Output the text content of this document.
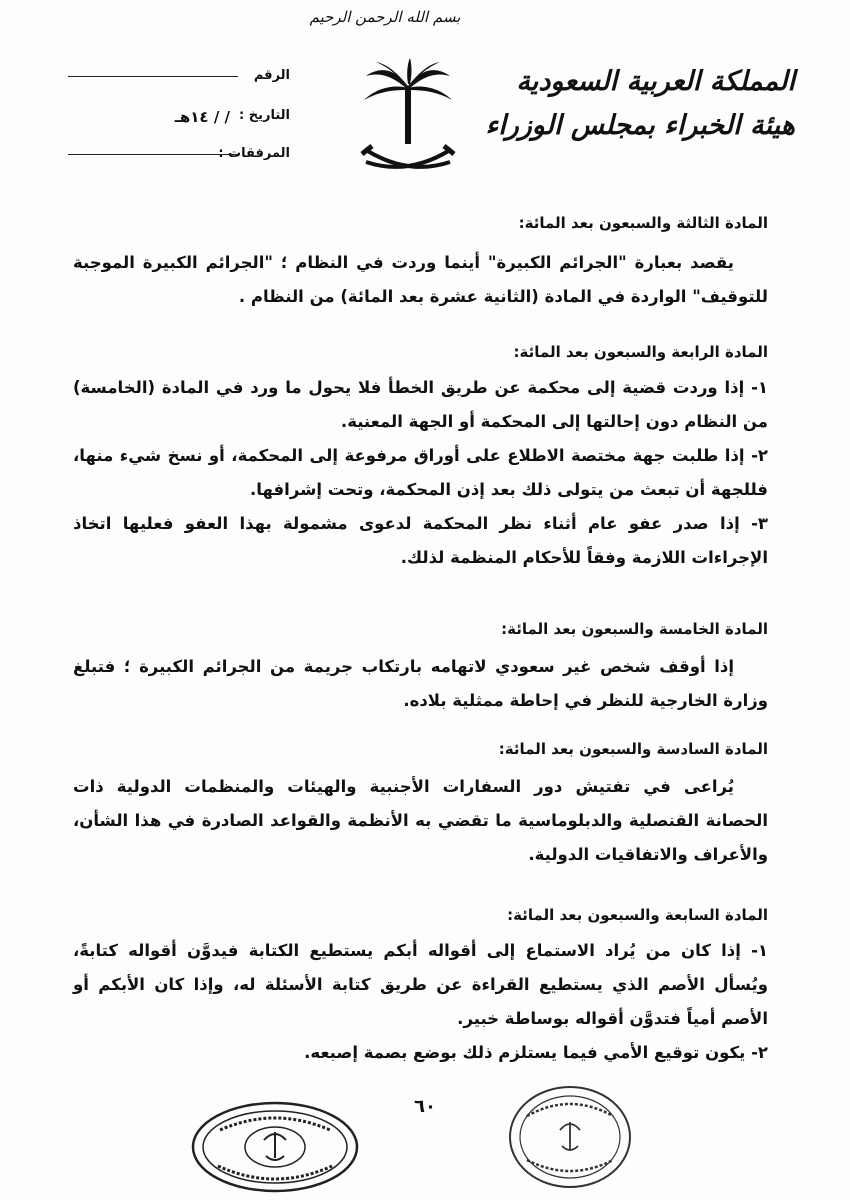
بسم الله الرحمن الرحيم
المملكة العربية السعودية
هيئة الخبراء بمجلس الوزراء
الرقم
التاريخ :
/ / ١٤هـ
المرفقات :

المادة الثالثة والسبعون بعد المائة:

يقصد بعبارة "الجرائم الكبيرة" أينما وردت في النظام ؛ "الجرائم الكبيرة الموجبة للتوقيف" الواردة في المادة (الثانية عشرة بعد المائة) من النظام .

المادة الرابعة والسبعون بعد المائة:

١- إذا وردت قضية إلى محكمة عن طريق الخطأ فلا يحول ما ورد في المادة (الخامسة) من النظام دون إحالتها إلى المحكمة أو الجهة المعنية.
٢- إذا طلبت جهة مختصة الاطلاع على أوراق مرفوعة إلى المحكمة، أو نسخ شيء منها، فللجهة أن تبعث من يتولى ذلك بعد إذن المحكمة، وتحت إشرافها.
٣- إذا صدر عفو عام أثناء نظر المحكمة لدعوى مشمولة بهذا العفو فعليها اتخاذ الإجراءات اللازمة وفقاً للأحكام المنظمة لذلك.

المادة الخامسة والسبعون بعد المائة:

إذا أوقف شخص غير سعودي لاتهامه بارتكاب جريمة من الجرائم الكبيرة ؛ فتبلغ وزارة الخارجية للنظر في إحاطة ممثلية بلاده.

المادة السادسة والسبعون بعد المائة:

يُراعى في تفتيش دور السفارات الأجنبية والهيئات والمنظمات الدولية ذات الحصانة القنصلية والدبلوماسية ما تقضي به الأنظمة والقواعد الصادرة في هذا الشأن، والأعراف والاتفاقيات الدولية.

المادة السابعة والسبعون بعد المائة:

١- إذا كان من يُراد الاستماع إلى أقواله أبكم يستطيع الكتابة فيدوَّن أقواله كتابةً، ويُسأل الأصم الذي يستطيع القراءة عن طريق كتابة الأسئلة له، وإذا كان الأبكم أو الأصم أمياً فتدوَّن أقواله بوساطة خبير.
٢- يكون توقيع الأمي فيما يستلزم ذلك بوضع بصمة إصبعه.
٦٠
